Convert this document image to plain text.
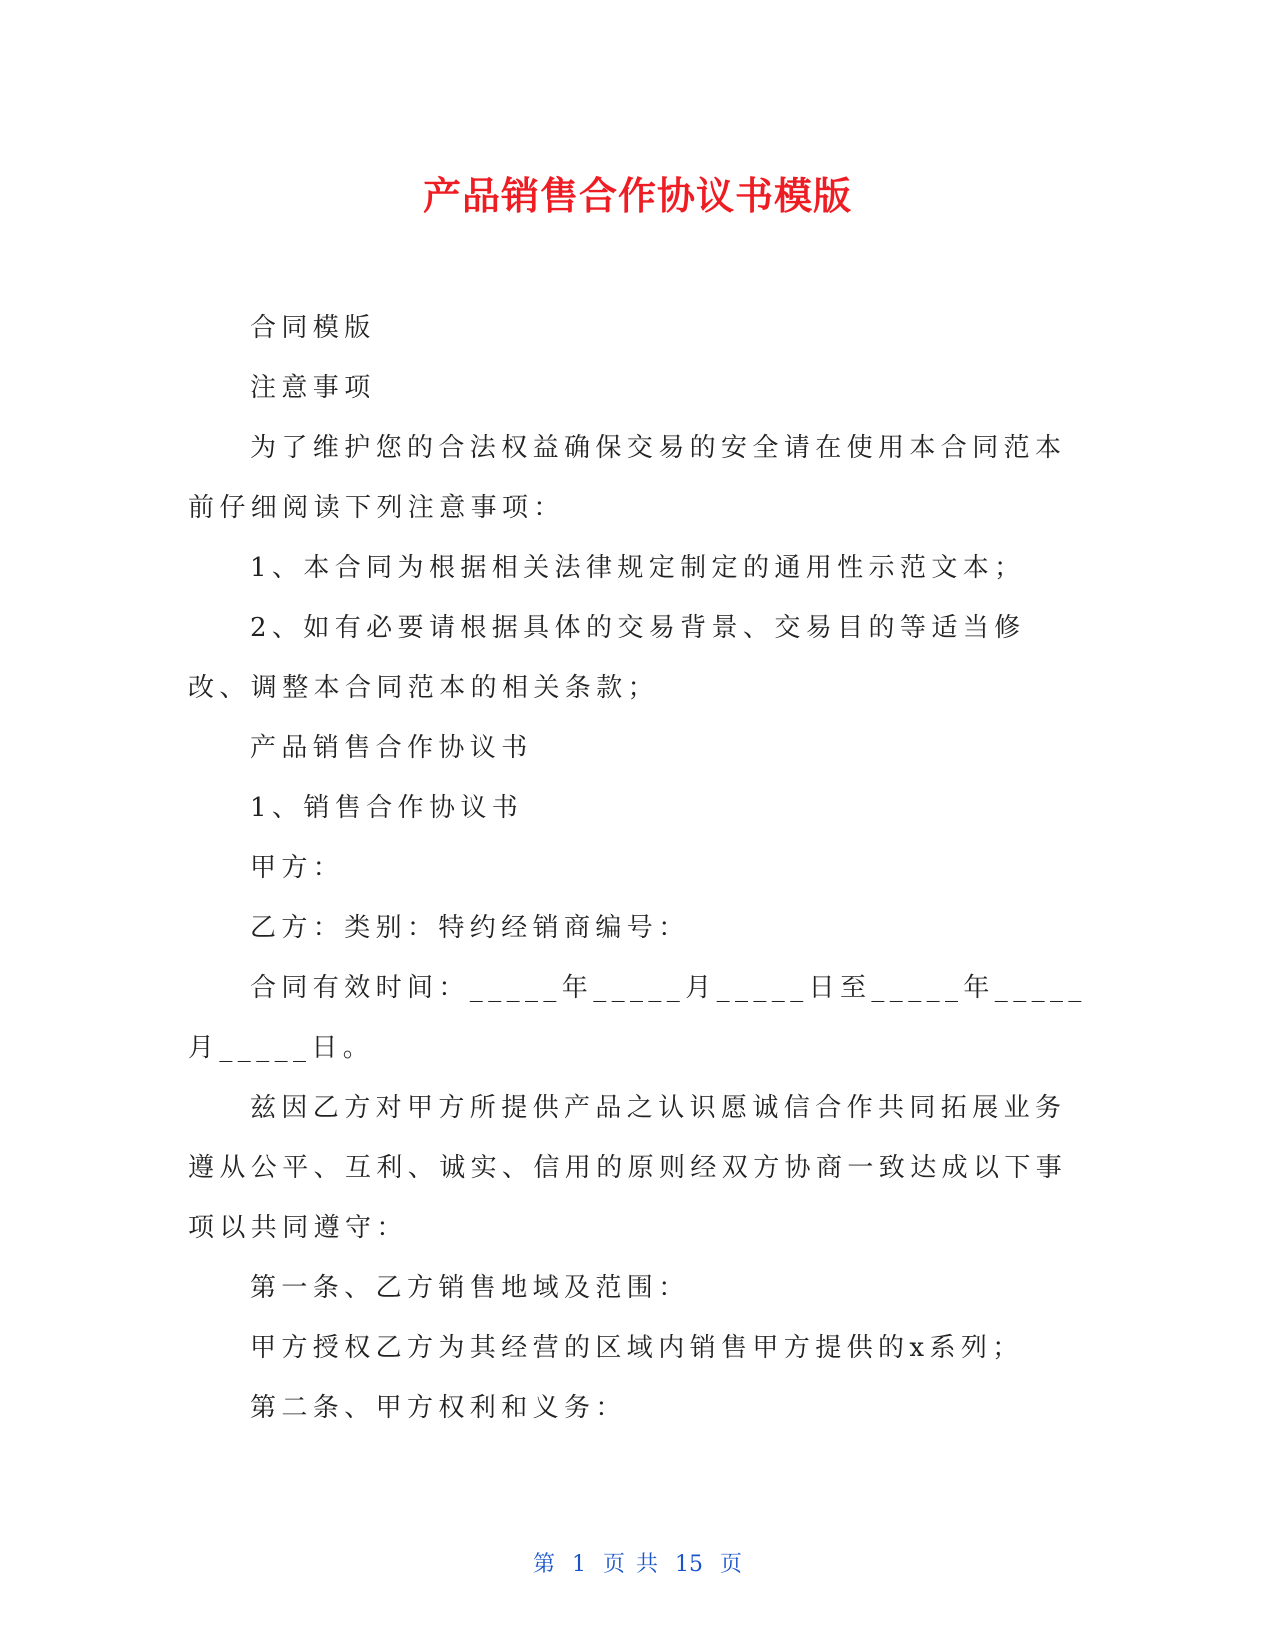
产品销售合作协议书模版

合同模版

注意事项

为了维护您的合法权益确保交易的安全请在使用本合同范本前仔细阅读下列注意事项：

1、本合同为根据相关法律规定制定的通用性示范文本；

2、如有必要请根据具体的交易背景、交易目的等适当修改、调整本合同范本的相关条款；

产品销售合作协议书

1、销售合作协议书

甲方：

乙方：类别：特约经销商编号：

合同有效时间：_____年_____月_____日至_____年_____月_____日。

兹因乙方对甲方所提供产品之认识愿诚信合作共同拓展业务遵从公平、互利、诚实、信用的原则经双方协商一致达成以下事项以共同遵守：

第一条、乙方销售地域及范围：

甲方授权乙方为其经营的区域内销售甲方提供的x系列；

第二条、甲方权利和义务：

第 1 页 共 15 页
